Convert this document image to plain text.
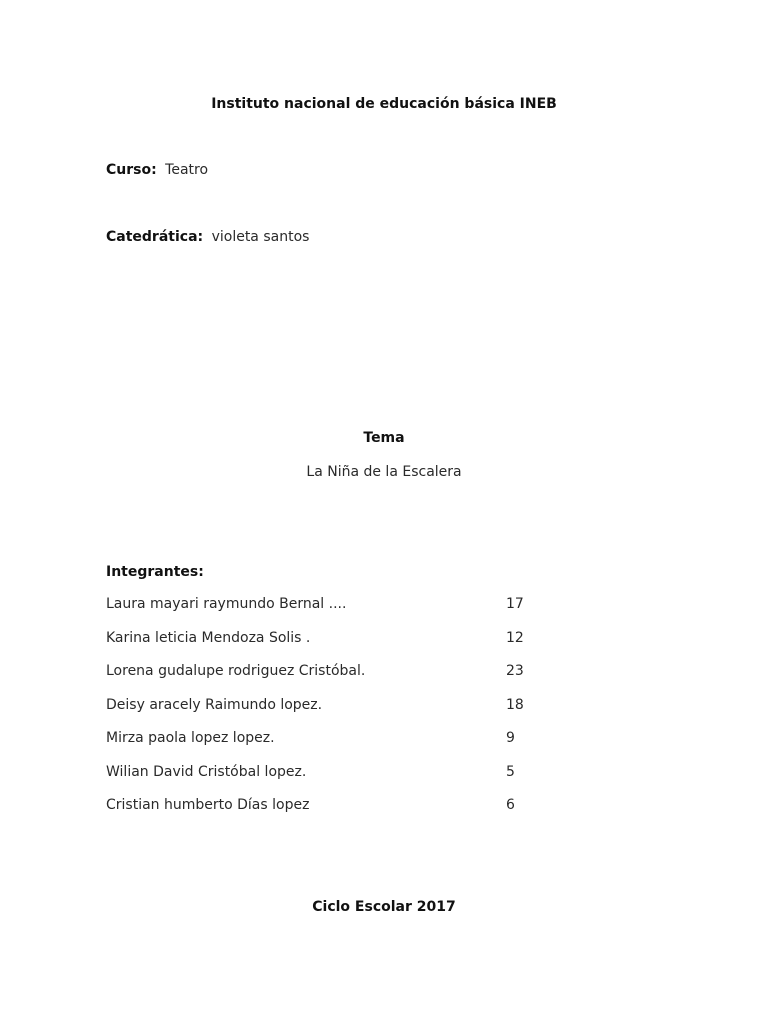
Instituto nacional de educación básica INEB
Curso: Teatro
Catedrática: violeta santos
Tema
La Niña de la Escalera
Integrantes:
Laura mayari raymundo Bernal ....	17
Karina leticia Mendoza Solis .	12
Lorena gudalupe rodriguez Cristóbal.	23
Deisy aracely Raimundo lopez.	18
Mirza paola lopez lopez.	9
Wilian David Cristóbal lopez.	5
Cristian humberto Días lopez	6
Ciclo Escolar 2017
